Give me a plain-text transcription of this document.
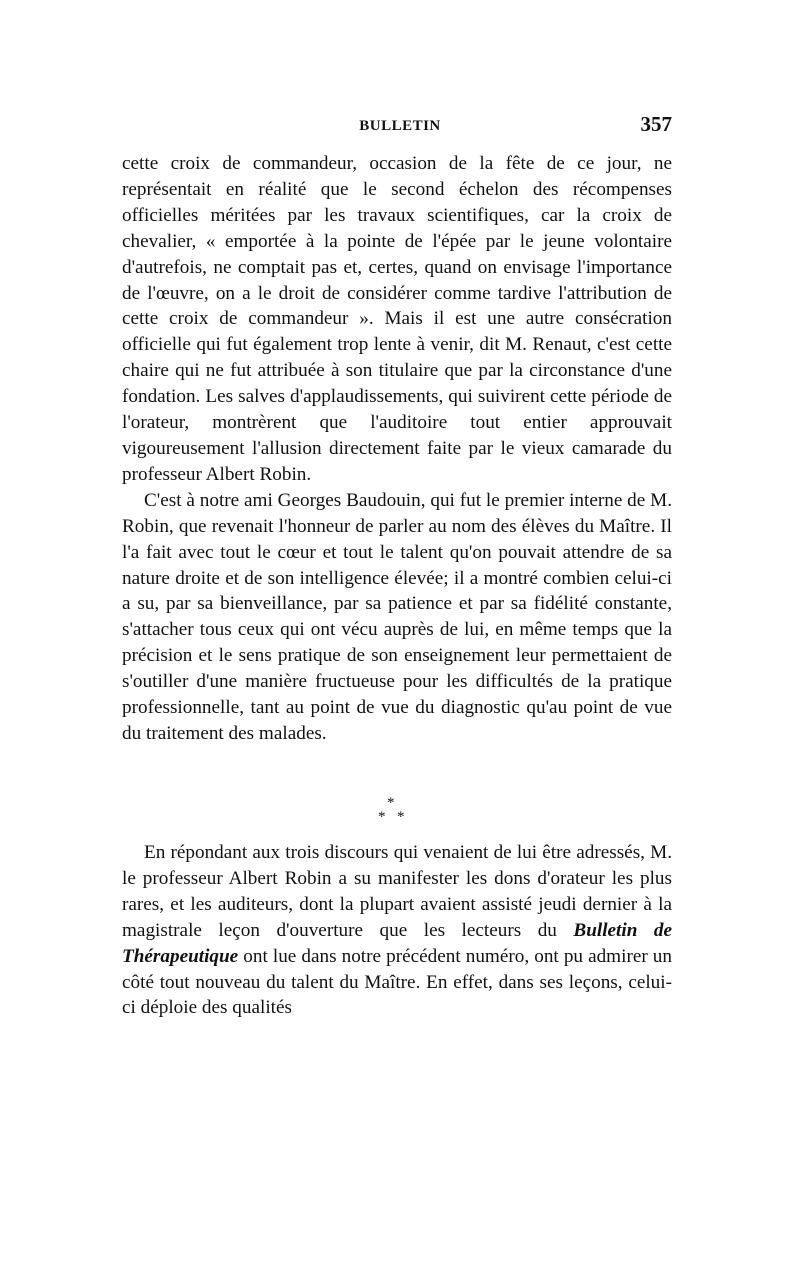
BULLETIN	357

cette croix de commandeur, occasion de la fête de ce jour, ne représentait en réalité que le second échelon des récompenses officielles méritées par les travaux scientifiques, car la croix de chevalier, « emportée à la pointe de l'épée par le jeune volontaire d'autrefois, ne comptait pas et, certes, quand on envisage l'importance de l'œuvre, on a le droit de considérer comme tardive l'attribution de cette croix de commandeur ». Mais il est une autre consécration officielle qui fut également trop lente à venir, dit M. Renaut, c'est cette chaire qui ne fut attribuée à son titulaire que par la circonstance d'une fondation. Les salves d'applaudissements, qui suivirent cette période de l'orateur, montrèrent que l'auditoire tout entier approuvait vigoureusement l'allusion directement faite par le vieux camarade du professeur Albert Robin.

C'est à notre ami Georges Baudouin, qui fut le premier interne de M. Robin, que revenait l'honneur de parler au nom des élèves du Maître. Il l'a fait avec tout le cœur et tout le talent qu'on pouvait attendre de sa nature droite et de son intelligence élevée; il a montré combien celui-ci a su, par sa bienveillance, par sa patience et par sa fidélité constante, s'attacher tous ceux qui ont vécu auprès de lui, en même temps que la précision et le sens pratique de son enseignement leur permettaient de s'outiller d'une manière fructueuse pour les difficultés de la pratique professionnelle, tant au point de vue du diagnostic qu'au point de vue du traitement des malades.

*
* *

En répondant aux trois discours qui venaient de lui être adressés, M. le professeur Albert Robin a su manifester les dons d'orateur les plus rares, et les auditeurs, dont la plupart avaient assisté jeudi dernier à la magistrale leçon d'ouverture que les lecteurs du Bulletin de Thérapeutique ont lue dans notre précédent numéro, ont pu admirer un côté tout nouveau du talent du Maître. En effet, dans ses leçons, celui-ci déploie des qualités
